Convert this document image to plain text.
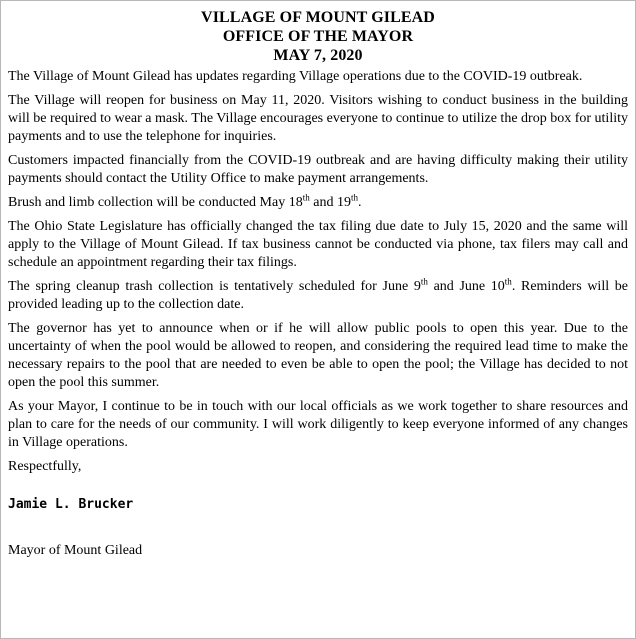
VILLAGE OF MOUNT GILEAD
OFFICE OF THE MAYOR
MAY 7, 2020

The Village of Mount Gilead has updates regarding Village operations due to the COVID-19 outbreak.

The Village will reopen for business on May 11, 2020. Visitors wishing to conduct business in the building will be required to wear a mask. The Village encourages everyone to continue to utilize the drop box for utility payments and to use the telephone for inquiries.

Customers impacted financially from the COVID-19 outbreak and are having difficulty making their utility payments should contact the Utility Office to make payment arrangements.

Brush and limb collection will be conducted May 18th and 19th.

The Ohio State Legislature has officially changed the tax filing due date to July 15, 2020 and the same will apply to the Village of Mount Gilead. If tax business cannot be conducted via phone, tax filers may call and schedule an appointment regarding their tax filings.

The spring cleanup trash collection is tentatively scheduled for June 9th and June 10th. Reminders will be provided leading up to the collection date.

The governor has yet to announce when or if he will allow public pools to open this year. Due to the uncertainty of when the pool would be allowed to reopen, and considering the required lead time to make the necessary repairs to the pool that are needed to even be able to open the pool; the Village has decided to not open the pool this summer.

As your Mayor, I continue to be in touch with our local officials as we work together to share resources and plan to care for the needs of our community. I will work diligently to keep everyone informed of any changes in Village operations.

Respectfully,
Jamie L. Brucker
Mayor of Mount Gilead
